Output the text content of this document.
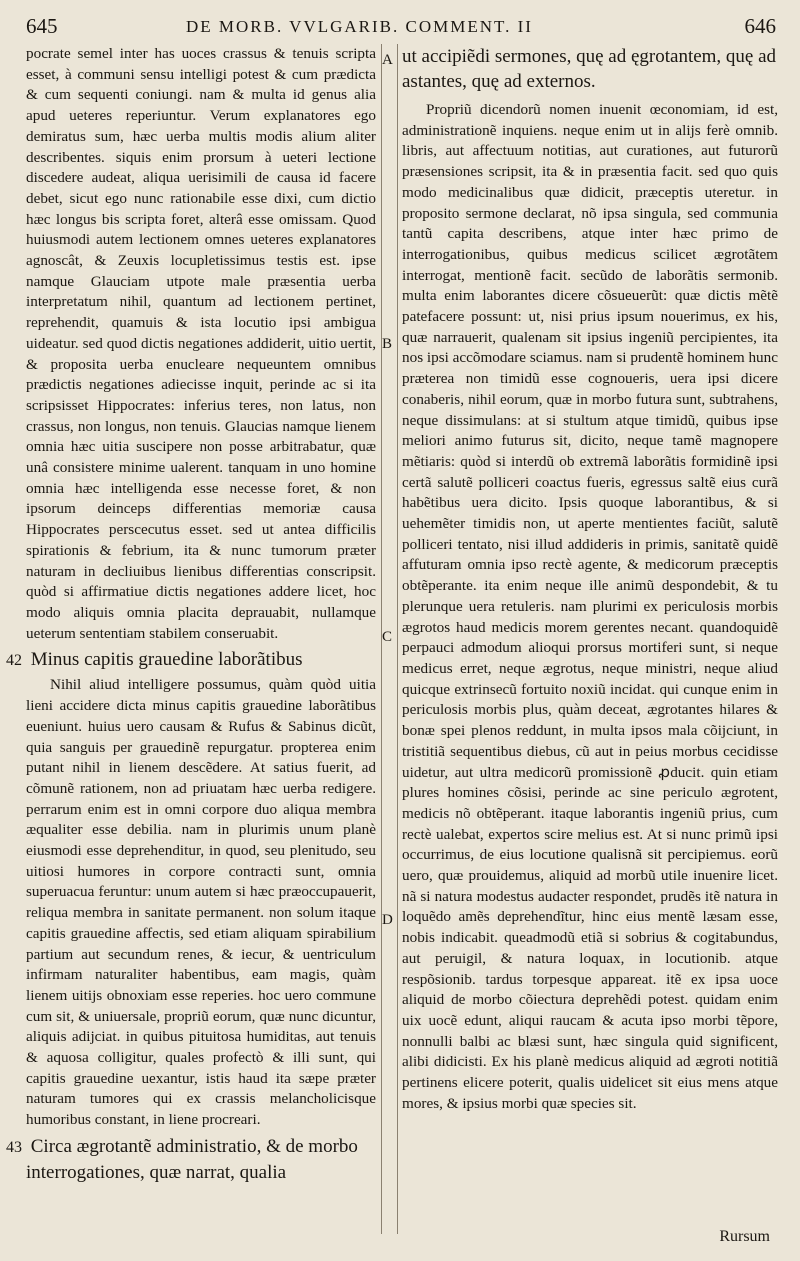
645	DE MORB. VVLGARIB. COMMENT. II	646
A
B
C
D

pocrate semel inter has uoces crassus & tenuis scripta esset, à communi sensu intelligi potest & cum prædicta & cum sequenti coniungi. nam & multa id genus alia apud ueteres reperiuntur. Verum explanatores ego demiratus sum, hæc uerba multis modis alium aliter describentes. siquis enim prorsum à ueteri lectione discedere audeat, aliqua uerisimili de causa id facere debet, sicut ego nunc rationabile esse dixi, cum dictio hæc longus bis scripta foret, alterâ esse omissam. Quod huiusmodi autem lectionem omnes ueteres explanatores agnoscât, & Zeuxis locupletissimus testis est. ipse namque Glauciam utpote male præsentia uerba interpretatum nihil, quantum ad lectionem pertinet, reprehendit, quamuis & ista locutio ipsi ambigua uideatur. sed quod dictis negationes addiderit, uitio uertit, & proposita uerba enucleare nequeuntem omnibus prædictis negationes adiecisse inquit, perinde ac si ita scripsisset Hippocrates: inferius teres, non latus, non crassus, non longus, non tenuis. Glaucias namque lienem omnia hæc uitia suscipere non posse arbitrabatur, quæ unâ consistere minime ualerent. tanquam in uno homine omnia hæc intelligenda esse necesse foret, & non ipsorum deinceps differentias memoriæ causa Hippocrates perscecutus esset. sed ut antea difficilis spirationis & febrium, ita & nunc tumorum præter naturam in decliuibus lienibus differentias conscripsit. quòd si affirmatiue dictis negationes addere licet, hoc modo aliquis omnia placita deprauabit, nullamque ueterum sententiam stabilem conseruabit.

42 Minus capitis grauedine laborãtibus

Nihil aliud intelligere possumus, quàm quòd uitia lieni accidere dicta minus capitis grauedine laborãtibus eueniunt. huius uero causam & Rufus & Sabinus dicũt, quia sanguis per grauedinẽ repurgatur. propterea enim putant nihil in lienem descẽdere. At satius fuerit, ad cõmunẽ rationem, non ad priuatam hæc uerba redigere. perrarum enim est in omni corpore duo aliqua membra æqualiter esse debilia. nam in plurimis unum planè eiusmodi esse deprehenditur, in quod, seu plenitudo, seu uitiosi humores in corpore contracti sunt, omnia superuacua feruntur: unum autem si hæc præoccupauerit, reliqua membra in sanitate permanent. non solum itaque capitis grauedine affectis, sed etiam aliquam spirabilium partium aut secundum renes, & iecur, & uentriculum infirmam naturaliter habentibus, eam magis, quàm lienem uitijs obnoxiam esse reperies. hoc uero commune cum sit, & uniuersale, propriũ eorum, quæ nunc dicuntur, aliquis adijciat. in quibus pituitosa humiditas, aut tenuis & aquosa colligitur, quales profectò & illi sunt, qui capitis grauedine uexantur, istis haud ita sæpe præter naturam tumores qui ex crassis melancholicisque humoribus constant, in liene procreari.

43 Circa ægrotantẽ administratio, & de morbo interrogationes, quæ narrat, qualia
ut accipiẽdi sermones, quę ad ęgrotantem, quę ad astantes, quę ad externos.

Propriũ dicendorũ nomen inuenit œconomiam, id est, administrationẽ inquiens. neque enim ut in alijs ferè omnib. libris, aut affectuum notitias, aut curationes, aut futurorũ præsensiones scripsit, ita & in præsentia facit. sed quo quis modo medicinalibus quæ didicit, præceptis uteretur. in proposito sermone declarat, nõ ipsa singula, sed communia tantũ capita describens, atque inter hæc primo de interrogationibus, quibus medicus scilicet ægrotãtem interrogat, mentionẽ facit. secũdo de laborãtis sermonib. multa enim laborantes dicere cõsueuerũt: quæ dictis mẽtẽ patefacere possunt: ut, nisi prius ipsum nouerimus, ex his, quæ narrauerit, qualenam sit ipsius ingeniũ percipientes, ita nos ipsi accõmodare sciamus. nam si prudentẽ hominem hunc præterea non timidũ esse cognoueris, uera ipsi dicere conaberis, nihil eorum, quæ in morbo futura sunt, subtrahens, neque dissimulans: at si stultum atque timidũ, quibus ipse meliori animo futurus sit, dicito, neque tamẽ magnopere mẽtiaris: quòd si interdũ ob extremã laborãtis formidinẽ ipsi certã salutẽ polliceri coactus fueris, egressus saltẽ eius curã habẽtibus uera dicito. Ipsis quoque laborantibus, & si uehemẽter timidis non, ut aperte mentientes faciũt, salutẽ polliceri tentato, nisi illud addideris in primis, sanitatẽ quidẽ affuturam omnia ipso rectè agente, & medicorum præceptis obtẽperante. ita enim neque ille animũ despondebit, & tu plerunque uera retuleris. nam plurimi ex periculosis morbis ægrotos haud medicis morem gerentes necant. quandoquidẽ perpauci admodum alioqui prorsus mortiferi sunt, si neque medicus erret, neque ægrotus, neque ministri, neque aliud quicque extrinsecũ fortuito noxiũ incidat. qui cunque enim in periculosis morbis plus, quàm deceat, ægrotantes hilares & bonæ spei plenos reddunt, in multa ipsos mala cõijciunt, in tristitiã sequentibus diebus, cũ aut in peius morbus cecidisse uidetur, aut ultra medicorũ promissionẽ ꝓducit. quin etiam plures homines cõsisi, perinde ac sine periculo ægrotent, medicis nõ obtẽperant. itaque laborantis ingeniũ prius, cum rectè ualebat, expertos scire melius est. At si nunc primũ ipsi occurrimus, de eius locutione qualisnã sit percipiemus. eorũ uero, quæ prouidemus, aliquid ad morbũ utile inuenire licet. nã si natura modestus audacter respondet, prudẽs itẽ natura in loquẽdo amẽs deprehendĩtur, hinc eius mentẽ læsam esse, nobis indicabit. queadmodũ etiã si sobrius & cogitabundus, aut peruigil, & natura loquax, in locutionib. atque respõsionib. tardus torpesque appareat. itẽ ex ipsa uoce aliquid de morbo cõiectura deprehẽdi potest. quidam enim uix uocẽ edunt, aliqui raucam & acuta ipso morbi tẽpore, nonnulli balbi ac blæsi sunt, hæc singula quid significent, alibi didicisti. Ex his planè medicus aliquid ad ægroti notitiã pertinens elicere poterit, qualis uidelicet sit eius mens atque mores, & ipsius morbi quæ species sit.

Rursum
